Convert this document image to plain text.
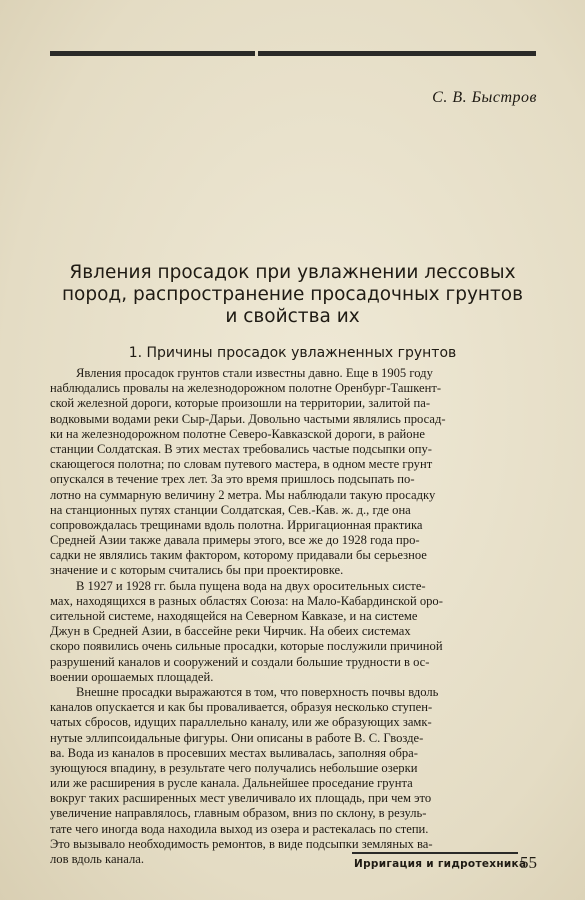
С. В. Быстров
Явления просадок при увлажнении лессовых
пород, распространение просадочных грунтов
и свойства их
1. Причины просадок увлажненных грунтов
Явления просадок грунтов стали известны давно. Еще в 1905 году
наблюдались провалы на железнодорожном полотне Оренбург-Ташкент-
ской железной дороги, которые произошли на территории, залитой па-
водковыми водами реки Сыр-Дарьи. Довольно частыми являлись просад-
ки на железнодорожном полотне Северо-Кавказской дороги, в районе
станции Солдатская. В этих местах требовались частые подсыпки опу-
скающегося полотна; по словам путевого мастера, в одном месте грунт
опускался в течение трех лет. За это время пришлось подсыпать по-
лотно на суммарную величину 2 метра. Мы наблюдали такую просадку
на станционных путях станции Солдатская, Сев.-Кав. ж. д., где она
сопровождалась трещинами вдоль полотна. Ирригационная практика
Средней Азии также давала примеры этого, все же до 1928 года про-
садки не являлись таким фактором, которому придавали бы серьезное
значение и с которым считались бы при проектировке.
В 1927 и 1928 гг. была пущена вода на двух оросительных систе-
мах, находящихся в разных областях Союза: на Мало-Кабардинской оро-
сительной системе, находящейся на Северном Кавказе, и на системе
Джун в Средней Азии, в бассейне реки Чирчик. На обеих системах
скоро появились очень сильные просадки, которые послужили причиной
разрушений каналов и сооружений и создали большие трудности в ос-
воении орошаемых площадей.
Внешне просадки выражаются в том, что поверхность почвы вдоль
каналов опускается и как бы проваливается, образуя несколько ступен-
чатых сбросов, идущих параллельно каналу, или же образующих замк-
нутые эллипсоидальные фигуры. Они описаны в работе В. С. Гвозде-
ва. Вода из каналов в просевших местах выливалась, заполняя обра-
зующуюся впадину, в результате чего получались небольшие озерки
или же расширения в русле канала. Дальнейшее проседание грунта
вокруг таких расширенных мест увеличивало их площадь, при чем это
увеличение направлялось, главным образом, вниз по склону, в резуль-
тате чего иногда вода находила выход из озера и растекалась по степи.
Это вызывало необходимость ремонтов, в виде подсыпки земляных ва-
лов вдоль канала.	Ирригация и гидротехника
55
